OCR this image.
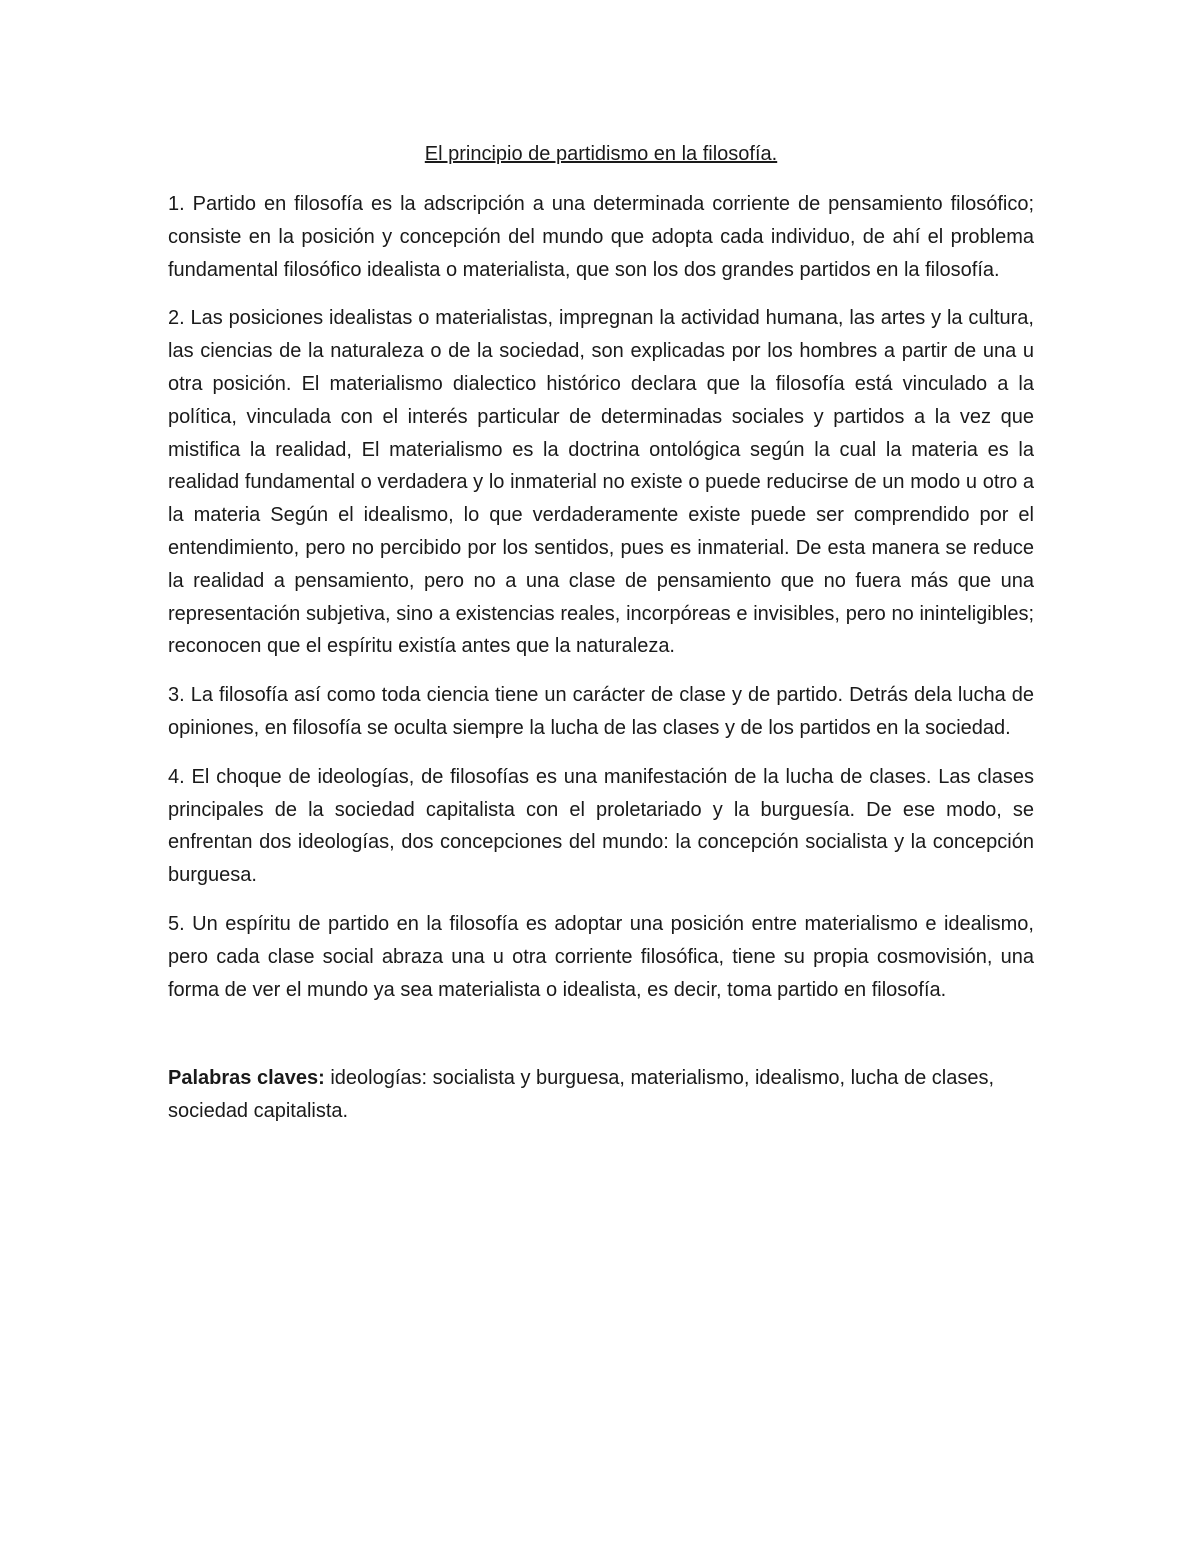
El principio de partidismo en la filosofía.

1. Partido en filosofía es la adscripción a una determinada corriente de pensamiento filosófico; consiste en la posición y concepción del mundo que adopta cada individuo, de ahí el problema fundamental filosófico idealista o materialista, que son los dos grandes partidos en la filosofía.

2. Las posiciones idealistas o materialistas, impregnan la actividad humana, las artes y la cultura, las ciencias de la naturaleza o de la sociedad, son explicadas por los hombres a partir de una u otra posición. El materialismo dialectico histórico declara que la filosofía está vinculado a la política, vinculada con el interés particular de determinadas sociales y partidos a la vez que mistifica la realidad, El materialismo es la doctrina ontológica según la cual la materia es la realidad fundamental o verdadera y lo inmaterial no existe o puede reducirse de un modo u otro a la materia Según el idealismo, lo que verdaderamente existe puede ser comprendido por el entendimiento, pero no percibido por los sentidos, pues es inmaterial. De esta manera se reduce la realidad a pensamiento, pero no a una clase de pensamiento que no fuera más que una representación subjetiva, sino a existencias reales, incorpóreas e invisibles, pero no ininteligibles; reconocen que el espíritu existía antes que la naturaleza.

3. La filosofía así como toda ciencia tiene un carácter de clase y de partido. Detrás dela lucha de opiniones, en filosofía se oculta siempre la lucha de las clases y de los partidos en la sociedad.

4. El choque de ideologías, de filosofías es una manifestación de la lucha de clases. Las clases principales de la sociedad capitalista con el proletariado y la burguesía. De ese modo, se enfrentan dos ideologías, dos concepciones del mundo: la concepción socialista y la concepción burguesa.

5. Un espíritu de partido en la filosofía es adoptar una posición entre materialismo e idealismo, pero cada clase social abraza una u otra corriente filosófica, tiene su propia cosmovisión, una forma de ver el mundo ya sea materialista o idealista, es decir, toma partido en filosofía.

Palabras claves: ideologías: socialista y burguesa, materialismo, idealismo, lucha de clases, sociedad capitalista.
